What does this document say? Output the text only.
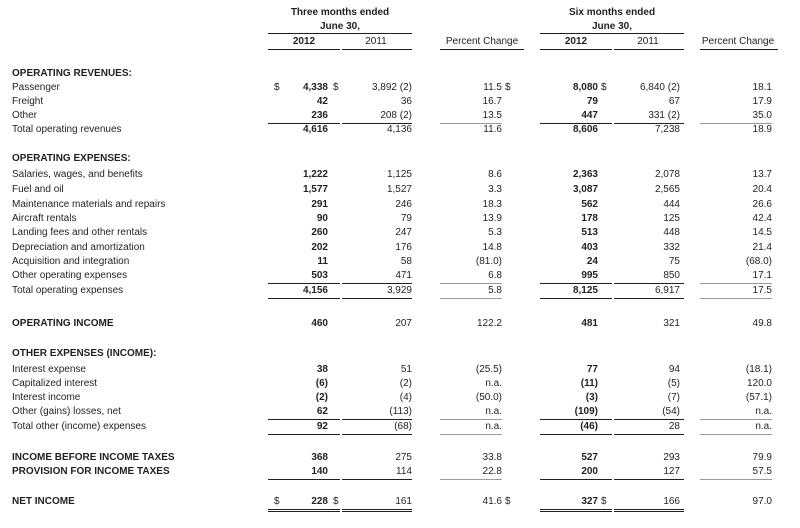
Three months ended
June 30,
Six months ended
June 30,
2012	2011	Percent Change	2012	2011	Percent Change
OPERATING REVENUES:
Passenger	4,338	3,892 (2)	11.5	8,080	6,840 (2)	18.1
$	$	$	$
Freight	42	36	16.7	79	67	17.9
Other	236	208 (2)	13.5	447	331 (2)	35.0
Total operating revenues	4,616	4,136	11.6	8,606	7,238	18.9
OPERATING EXPENSES:
Salaries, wages, and benefits	1,222	1,125	8.6	2,363	2,078	13.7
Fuel and oil	1,577	1,527	3.3	3,087	2,565	20.4
Maintenance materials and repairs	291	246	18.3	562	444	26.6
Aircraft rentals	90	79	13.9	178	125	42.4
Landing fees and other rentals	260	247	5.3	513	448	14.5
Depreciation and amortization	202	176	14.8	403	332	21.4
Acquisition and integration	11	58	(81.0)	24	75	(68.0)
Other operating expenses	503	471	6.8	995	850	17.1
Total operating expenses	4,156	3,929	5.8	8,125	6,917	17.5
OPERATING INCOME	460	207	122.2	481	321	49.8
OTHER EXPENSES (INCOME):
Interest expense	38	51	(25.5)	77	94	(18.1)
Capitalized interest	(6)	(2)	n.a.	(11)	(5)	120.0
Interest income	(2)	(4)	(50.0)	(3)	(7)	(57.1)
Other (gains) losses, net	62	(113)	n.a.	(109)	(54)	n.a.
Total other (income) expenses	92	(68)	n.a.	(46)	28	n.a.
INCOME BEFORE INCOME TAXES	368	275	33.8	527	293	79.9
PROVISION FOR INCOME TAXES	140	114	22.8	200	127	57.5
NET INCOME	228	161	41.6	327	166	97.0
$	$	$	$
